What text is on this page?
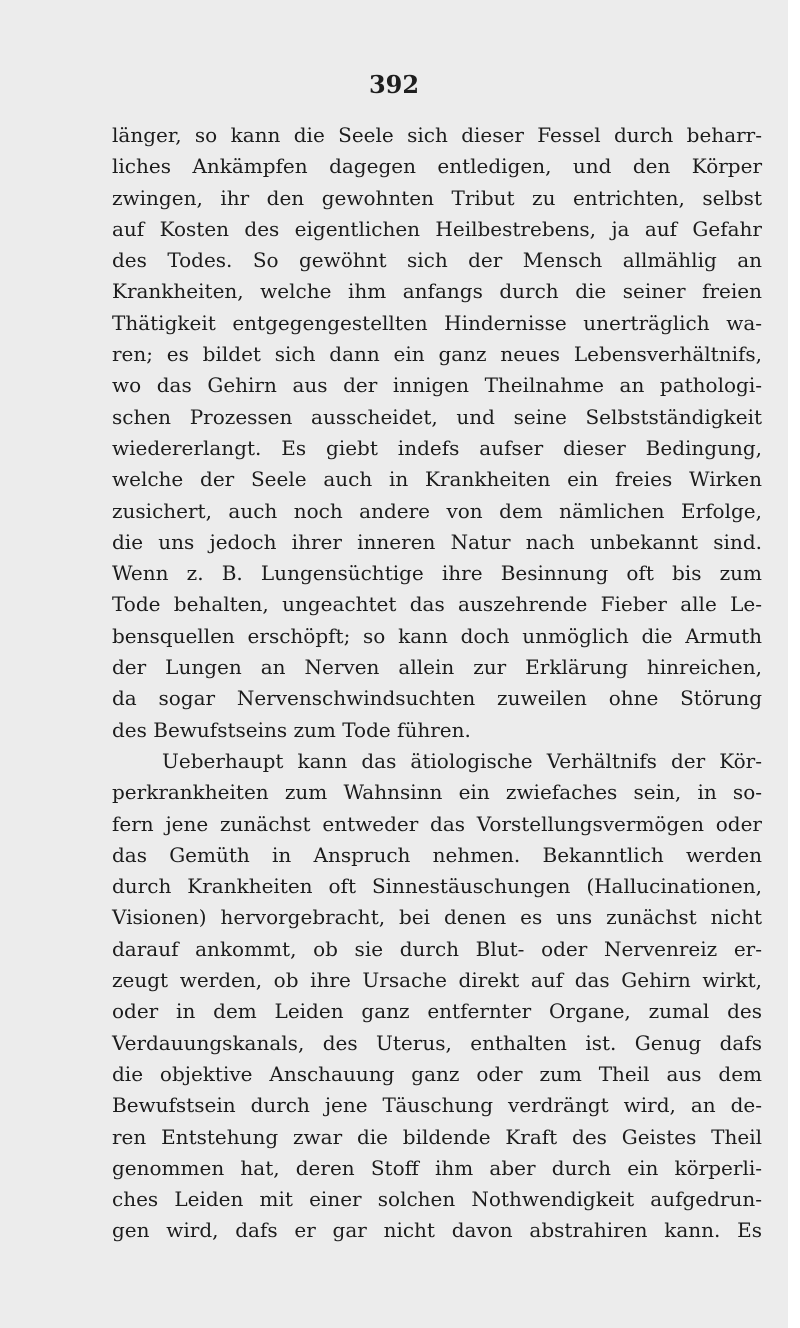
392
länger, so kann die Seele sich dieser Fessel durch beharr-
liches Ankämpfen dagegen entledigen, und den Körper
zwingen, ihr den gewohnten Tribut zu entrichten, selbst
auf Kosten des eigentlichen Heilbestrebens, ja auf Gefahr
des Todes. So gewöhnt sich der Mensch allmählig an
Krankheiten, welche ihm anfangs durch die seiner freien
Thätigkeit entgegengestellten Hindernisse unerträglich wa-
ren; es bildet sich dann ein ganz neues Lebensverhältnifs,
wo das Gehirn aus der innigen Theilnahme an pathologi-
schen Prozessen ausscheidet, und seine Selbstständigkeit
wiedererlangt. Es giebt indefs aufser dieser Bedingung,
welche der Seele auch in Krankheiten ein freies Wirken
zusichert, auch noch andere von dem nämlichen Erfolge,
die uns jedoch ihrer inneren Natur nach unbekannt sind.
Wenn z. B. Lungensüchtige ihre Besinnung oft bis zum
Tode behalten, ungeachtet das auszehrende Fieber alle Le-
bensquellen erschöpft; so kann doch unmöglich die Armuth
der Lungen an Nerven allein zur Erklärung hinreichen,
da sogar Nervenschwindsuchten zuweilen ohne Störung
des Bewufstseins zum Tode führen.
Ueberhaupt kann das ätiologische Verhältnifs der Kör-
perkrankheiten zum Wahnsinn ein zwiefaches sein, in so-
fern jene zunächst entweder das Vorstellungsvermögen oder
das Gemüth in Anspruch nehmen. Bekanntlich werden
durch Krankheiten oft Sinnestäuschungen (Hallucinationen,
Visionen) hervorgebracht, bei denen es uns zunächst nicht
darauf ankommt, ob sie durch Blut- oder Nervenreiz er-
zeugt werden, ob ihre Ursache direkt auf das Gehirn wirkt,
oder in dem Leiden ganz entfernter Organe, zumal des
Verdauungskanals, des Uterus, enthalten ist. Genug dafs
die objektive Anschauung ganz oder zum Theil aus dem
Bewufstsein durch jene Täuschung verdrängt wird, an de-
ren Entstehung zwar die bildende Kraft des Geistes Theil
genommen hat, deren Stoff ihm aber durch ein körperli-
ches Leiden mit einer solchen Nothwendigkeit aufgedrun-
gen wird, dafs er gar nicht davon abstrahiren kann. Es
